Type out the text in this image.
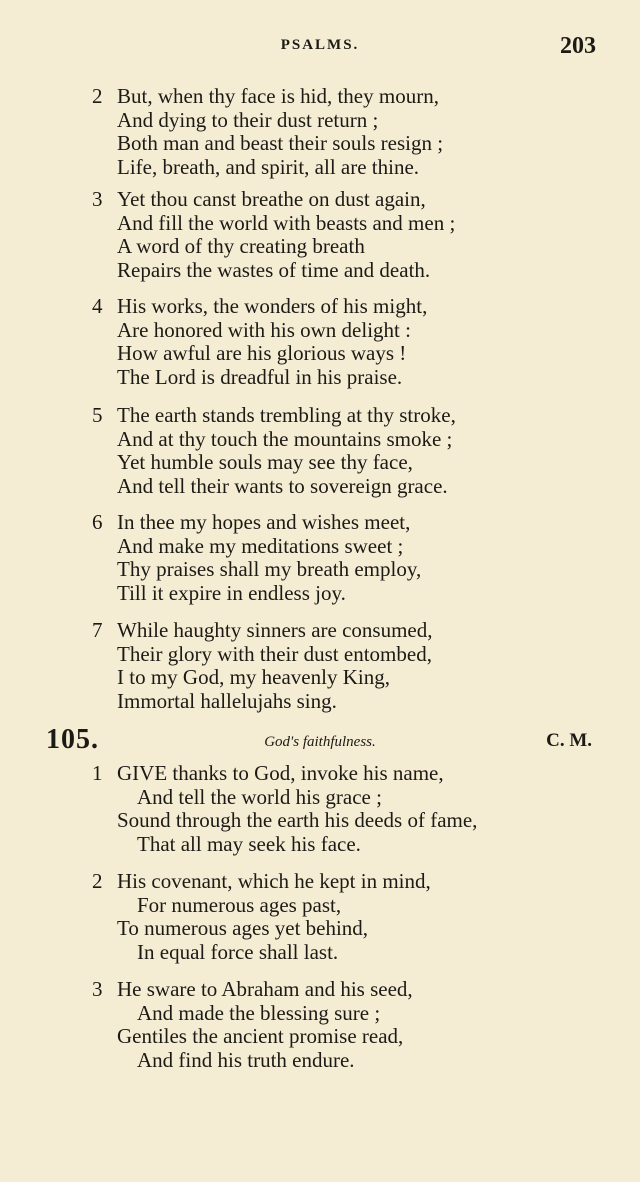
PSALMS.	203
2 But, when thy face is hid, they mourn,
And dying to their dust return ;
Both man and beast their souls resign ;
Life, breath, and spirit, all are thine.
3 Yet thou canst breathe on dust again,
And fill the world with beasts and men ;
A word of thy creating breath
Repairs the wastes of time and death.
4 His works, the wonders of his might,
Are honored with his own delight :
How awful are his glorious ways !
The Lord is dreadful in his praise.
5 The earth stands trembling at thy stroke,
And at thy touch the mountains smoke ;
Yet humble souls may see thy face,
And tell their wants to sovereign grace.
6 In thee my hopes and wishes meet,
And make my meditations sweet ;
Thy praises shall my breath employ,
Till it expire in endless joy.
7 While haughty sinners are consumed,
Their glory with their dust entombed,
I to my God, my heavenly King,
Immortal hallelujahs sing.
105.	God's faithfulness.	C. M.
1 GIVE thanks to God, invoke his name,
And tell the world his grace ;
Sound through the earth his deeds of fame,
That all may seek his face.
2 His covenant, which he kept in mind,
For numerous ages past,
To numerous ages yet behind,
In equal force shall last.
3 He sware to Abraham and his seed,
And made the blessing sure ;
Gentiles the ancient promise read,
And find his truth endure.
